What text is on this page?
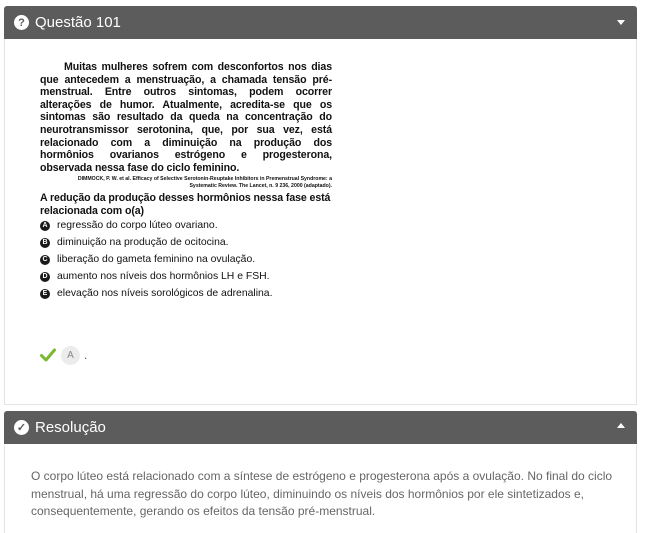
? Questão 101
Muitas mulheres sofrem com desconfortos nos dias que antecedem a menstruação, a chamada tensão pré-menstrual. Entre outros sintomas, podem ocorrer alterações de humor. Atualmente, acredita-se que os sintomas são resultado da queda na concentração do neurotransmissor serotonina, que, por sua vez, está relacionado com a diminuição na produção dos hormônios ovarianos estrógeno e progesterona, observada nessa fase do ciclo feminino.
DIMMOCK, P. W. et al. Efficacy of Selective Serotonin-Reuptake Inhibitors in Premenstrual Syndrome: a Systematic Review. The Lancet, n. 9 236, 2000 (adaptado).
A redução da produção desses hormônios nessa fase está relacionada com o(a)
A regressão do corpo lúteo ovariano.
B diminuição na produção de ocitocina.
C liberação do gameta feminino na ovulação.
D aumento nos níveis dos hormônios LH e FSH.
E elevação nos níveis sorológicos de adrenalina.
A .
✓ Resolução
O corpo lúteo está relacionado com a síntese de estrógeno e progesterona após a ovulação. No final do ciclo menstrual, há uma regressão do corpo lúteo, diminuindo os níveis dos hormônios por ele sintetizados e, consequentemente, gerando os efeitos da tensão pré-menstrual.
